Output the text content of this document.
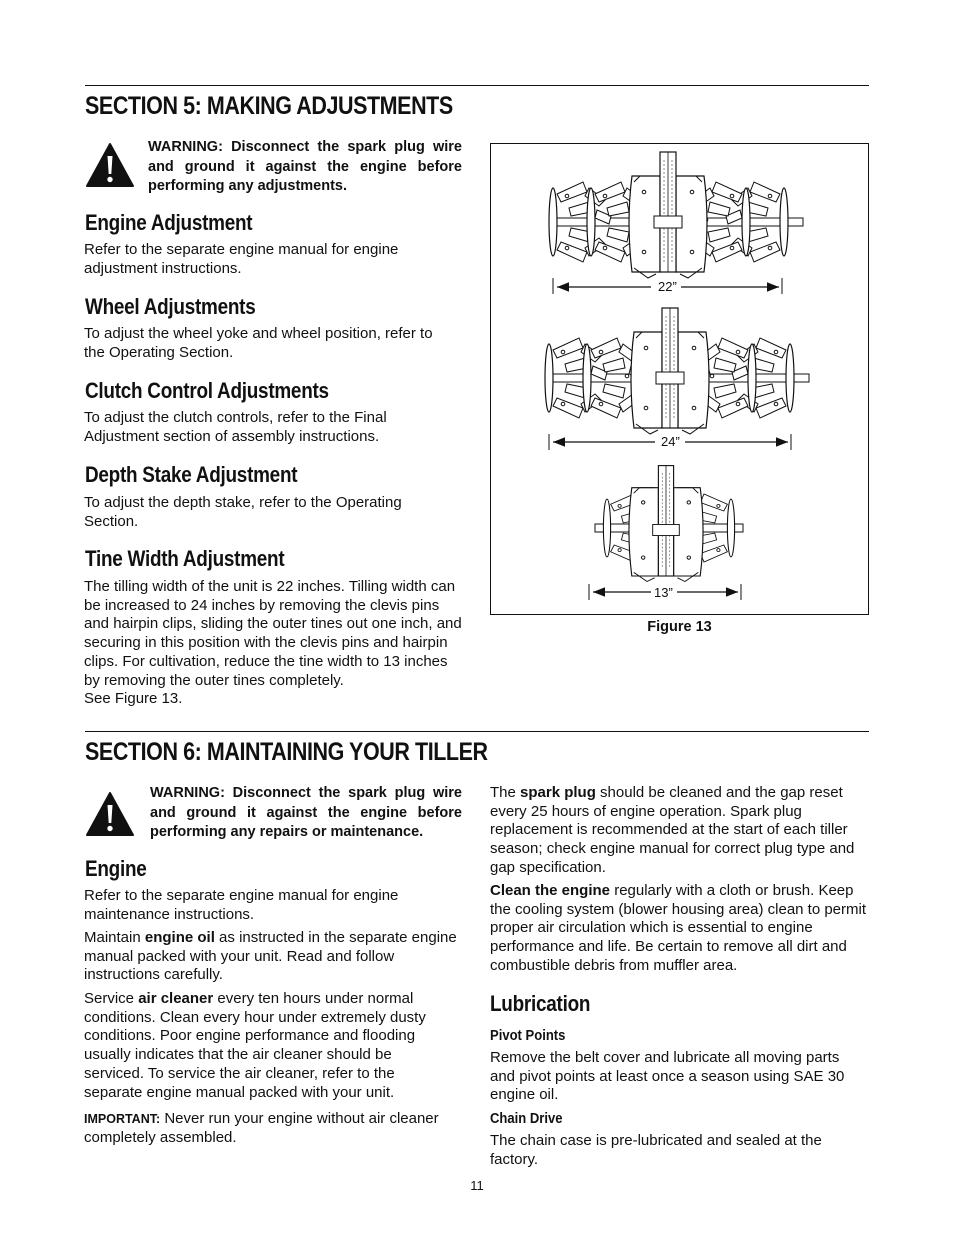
SECTION 5: MAKING ADJUSTMENTS
WARNING: Disconnect the spark plug wire and ground it against the engine before performing any adjustments.
Engine Adjustment
Refer to the separate engine manual for engine adjustment instructions.
Wheel Adjustments
To adjust the wheel yoke and wheel position, refer to the Operating Section.
Clutch Control Adjustments
To adjust the clutch controls, refer to the Final Adjustment section of assembly instructions.
Depth Stake Adjustment
To adjust the depth stake, refer to the Operating Section.
Tine Width Adjustment
The tilling width of the unit is 22 inches. Tilling width can be increased to 24 inches by removing the clevis pins and hairpin clips, sliding the outer tines out one inch, and securing in this position with the clevis pins and hairpin clips. For cultivation, reduce the tine width to 13 inches by removing the outer tines completely.
See Figure 13.
22”
24”
13”
Figure 13
SECTION 6: MAINTAINING YOUR TILLER
WARNING: Disconnect the spark plug wire and ground it against the engine before performing any repairs or maintenance.
Engine
Refer to the separate engine manual for engine maintenance instructions.
Maintain engine oil as instructed in the separate engine manual packed with your unit. Read and follow instructions carefully.
Service air cleaner every ten hours under normal conditions. Clean every hour under extremely dusty conditions. Poor engine performance and flooding usually indicates that the air cleaner should be serviced. To service the air cleaner, refer to the separate engine manual packed with your unit.
IMPORTANT: Never run your engine without air cleaner completely assembled.
The spark plug should be cleaned and the gap reset every 25 hours of engine operation. Spark plug replacement is recommended at the start of each tiller season; check engine manual for correct plug type and gap specification.
Clean the engine regularly with a cloth or brush. Keep the cooling system (blower housing area) clean to permit proper air circulation which is essential to engine performance and life. Be certain to remove all dirt and combustible debris from muffler area.
Lubrication
Pivot Points
Remove the belt cover and lubricate all moving parts and pivot points at least once a season using SAE 30 engine oil.
Chain Drive
The chain case is pre-lubricated and sealed at the factory.
11
